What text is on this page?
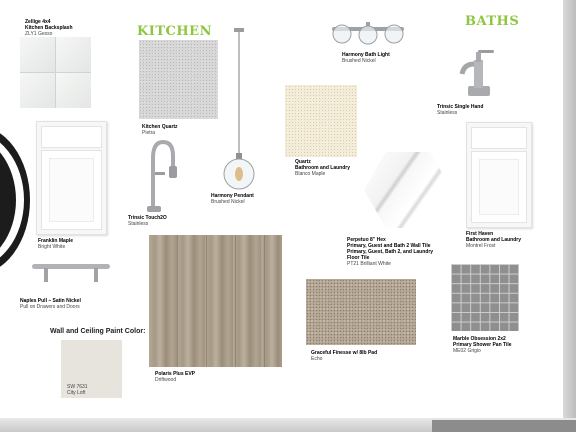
KITCHEN
BATHS
Zellige 4x4
Kitchen Backsplash
ZLY1 Gesso
Kitchen Quartz
Pietra
Harmony Pendant
Brushed Nickel
Harmony Bath Light
Brushed Nickel
Trinsic Single Hand
Stainless
Quartz
Bathroom and Laundry
Blanco Maple
Trinsic Touch2O
Stainless
Franklin Maple
Bright White
First Haven
Bathroom and Laundry
Montrel Frost
Perpetuo 8" Hex
Primary, Guest and Bath 2 Wall Tile
Primary, Guest, Bath 2, and Laundry
Floor Tile
PT21 Brilliant White
Naples Pull – Satin Nickel
Pull on Drawers and Doors
Polaris Plus EVP
Driftwood
Graceful Finesse w/ 8lb Pad
Echo
Marble Obsession 2x2
Primary Shower Pan Tile
ME02 Grigio
Wall and Ceiling Paint Color:
SW 7631
City Loft
